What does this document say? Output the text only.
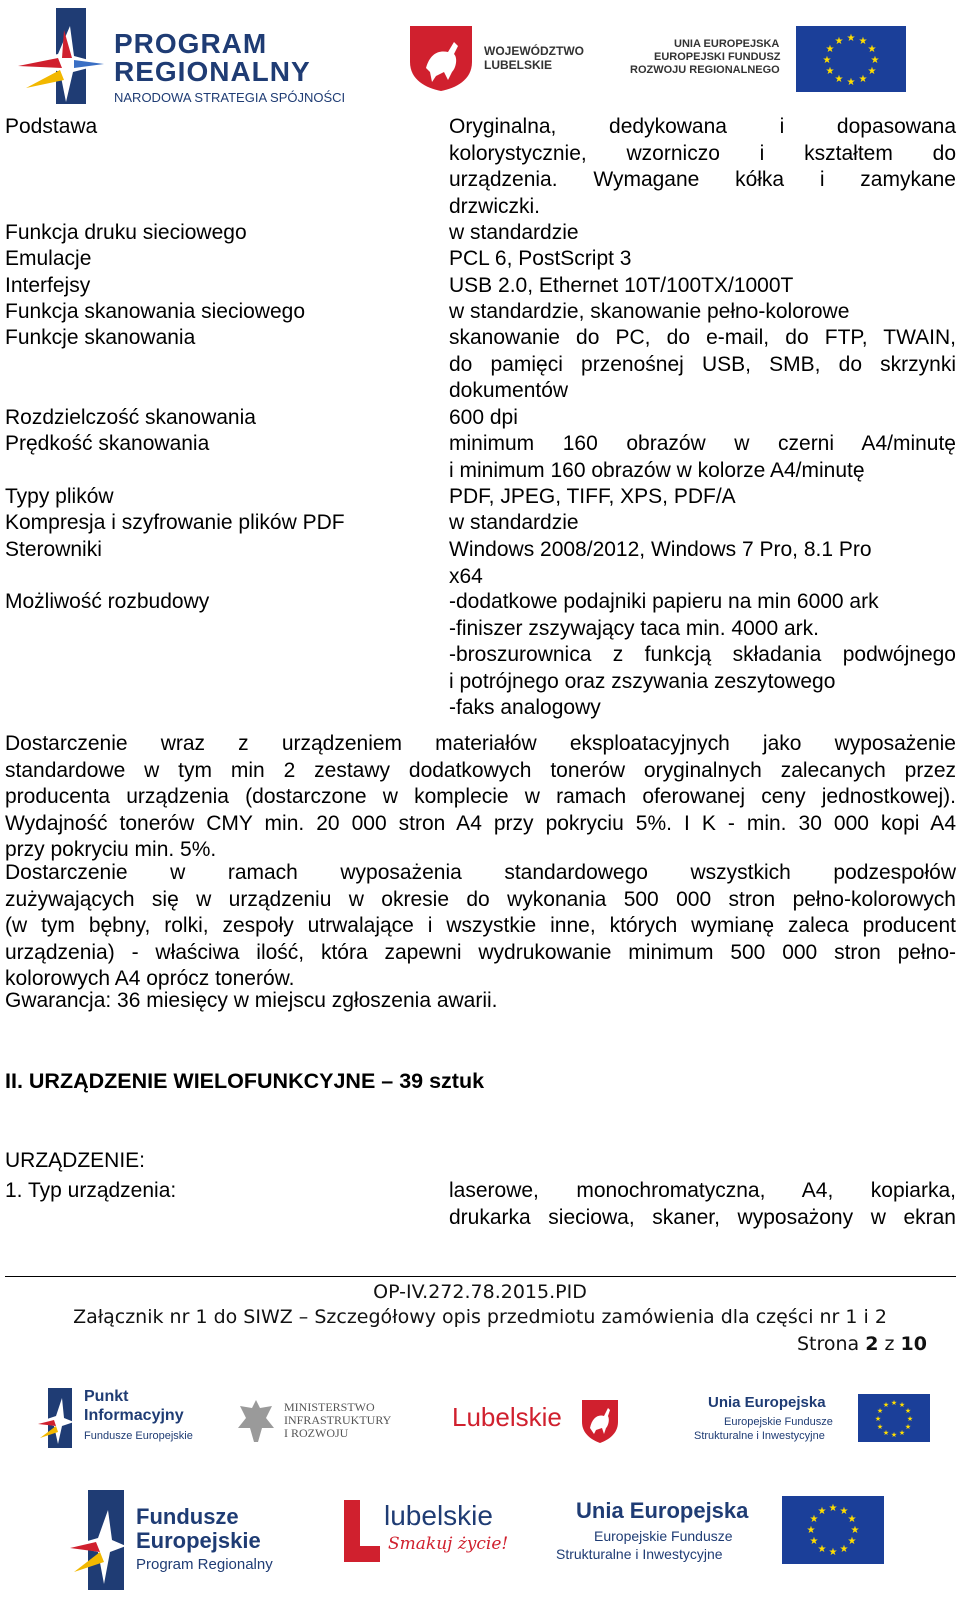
PROGRAM
REGIONALNY
NARODOWA STRATEGIA SPÓJNOŚCI
WOJEWÓDZTWO
LUBELSKIE
UNIA EUROPEJSKA
EUROPEJSKI FUNDUSZ
ROZWOJU REGIONALNEGO
★ ★
★
★
★
★
★
★
★
★
★
★
Podstawa	Oryginalna, dedykowana i dopasowana
kolorystycznie, wzorniczo i kształtem do
urządzenia. Wymagane kółka i zamykane
drzwiczki.
Funkcja druku sieciowego	w standardzie
Emulacje	PCL 6, PostScript 3
Interfejsy	USB 2.0, Ethernet 10T/100TX/1000T
Funkcja skanowania sieciowego	w standardzie, skanowanie pełno-kolorowe
Funkcje skanowania	skanowanie do PC, do e-mail, do FTP, TWAIN,
do pamięci przenośnej USB, SMB, do skrzynki
dokumentów
Rozdzielczość skanowania	600 dpi
Prędkość skanowania	minimum 160 obrazów w czerni A4/minutę
i minimum 160 obrazów w kolorze A4/minutę
Typy plików	PDF, JPEG, TIFF, XPS, PDF/A
Kompresja i szyfrowanie plików PDF	w standardzie
Sterowniki	Windows 2008/2012, Windows 7 Pro, 8.1 Pro
x64
Możliwość rozbudowy	-dodatkowe podajniki papieru na min 6000 ark
-finiszer zszywający taca min. 4000 ark.
-broszurownica z funkcją składania podwójnego
i potrójnego oraz zszywania zeszytowego
-faks analogowy
Dostarczenie wraz z urządzeniem materiałów eksploatacyjnych jako wyposażenie
standardowe w tym min 2 zestawy dodatkowych tonerów oryginalnych zalecanych przez
producenta urządzenia (dostarczone w komplecie w ramach oferowanej ceny jednostkowej).
Wydajność tonerów CMY min. 20 000 stron A4 przy pokryciu 5%. I K - min. 30 000 kopi A4
przy pokryciu min. 5%.
Dostarczenie w ramach wyposażenia standardowego wszystkich podzespołów
zużywających się w urządzeniu w okresie do wykonania 500 000 stron pełno-kolorowych
(w tym bębny, rolki, zespoły utrwalające i wszystkie inne, których wymianę zaleca producent
urządzenia) - właściwa ilość, która zapewni wydrukowanie minimum 500 000 stron pełno-
kolorowych A4 oprócz tonerów.
Gwarancja: 36 miesięcy w miejscu zgłoszenia awarii.
II. URZĄDZENIE WIELOFUNKCYJNE – 39 sztuk
URZĄDZENIE:
1. Typ urządzenia:	laserowe, monochromatyczna, A4, kopiarka,
drukarka sieciowa, skaner, wyposażony w ekran
OP-IV.272.78.2015.PID
Załącznik nr 1 do SIWZ – Szczegółowy opis przedmiotu zamówienia dla części nr 1 i 2
Strona 2 z 10
Punkt
Informacyjny
Fundusze Europejskie
MINISTERSTWO
INFRASTRUKTURY
I ROZWOJU
Lubelskie	Unia Europejska
Europejskie Fundusze
Strukturalne i Inwestycyjne
★ ★
★
★
★
★
★
★
★
★
★
★
Fundusze
Europejskie
Program Regionalny
lubelskie
Smakuj życie!
Unia Europejska
Europejskie Fundusze
Strukturalne i Inwestycyjne
★ ★
★
★
★
★
★
★
★
★
★
★
